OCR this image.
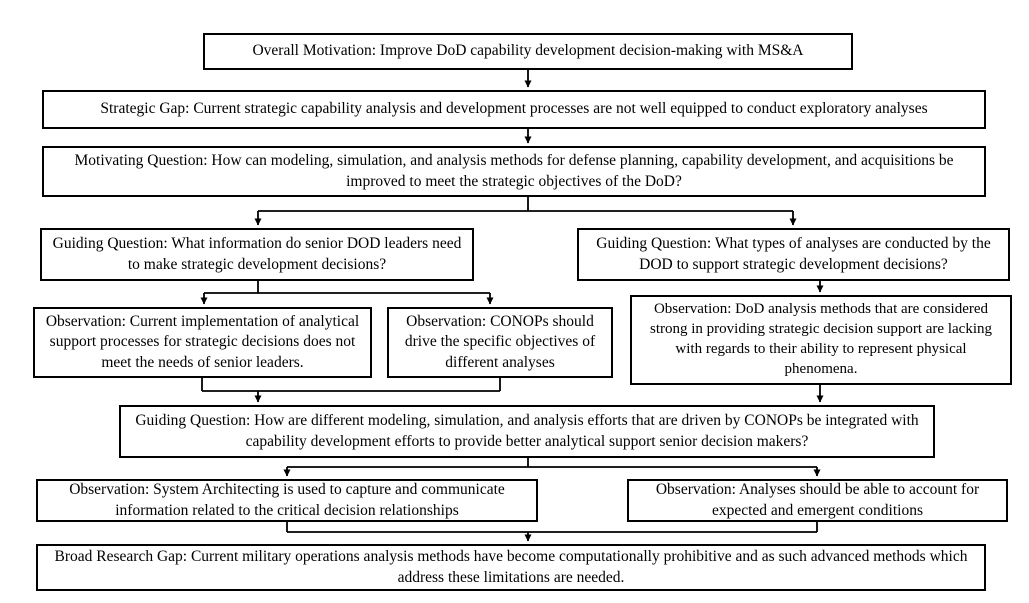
Overall Motivation: Improve DoD capability development decision-making with MS&A
Strategic Gap: Current strategic capability analysis and development processes are not well equipped to conduct exploratory analyses
Motivating Question: How can modeling, simulation, and analysis methods for defense planning, capability development, and acquisitions be improved to meet the strategic objectives of the DoD?
Guiding Question: What information do senior DOD leaders need to make strategic development decisions?
Guiding Question: What types of analyses are conducted by the DOD to support strategic development decisions?
Observation: Current implementation of analytical support processes for strategic decisions does not meet the needs of senior leaders.
Observation: CONOPs should drive the specific objectives of different analyses
Observation: DoD analysis methods that are considered strong in providing strategic decision support are lacking with regards to their ability to represent physical phenomena.
Guiding Question: How are different modeling, simulation, and analysis efforts that are driven by CONOPs be integrated with capability development efforts to provide better analytical support senior decision makers?
Observation: System Architecting is used to capture and communicate information related to the critical decision relationships
Observation: Analyses should be able to account for expected and emergent conditions
Broad Research Gap: Current military operations analysis methods have become computationally prohibitive and as such advanced methods which address these limitations are needed.
